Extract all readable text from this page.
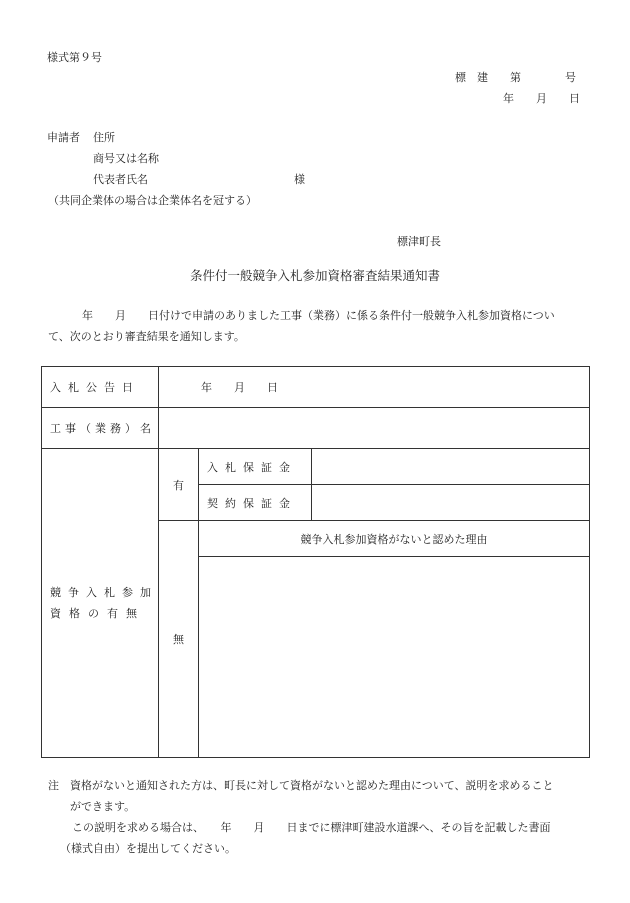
様式第９号
標　建　　第　　　　号
年　　月　　日
申請者 住所
商号又は名称
代表者氏名	様
（共同企業体の場合は企業体名を冠する）
標津町長
条件付一般競争入札参加資格審査結果通知書
年　　月　　日付けで申請のありました工事（業務）に係る条件付一般競争入札参加資格につい
て、次のとおり審査結果を通知します。
入札公告日	年　　月　　日		
工事（業務）名			

競争入札参加
資格の有無	有	入札保証金	
		契約保証金	
	無	競争入札参加資格がないと認めた理由	

注　資格がないと通知された方は、町長に対して資格がないと認めた理由について、説明を求めること
ができます。
この説明を求める場合は、　　年　　月　　日までに標津町建設水道課へ、その旨を記載した書面
（様式自由）を提出してください。
